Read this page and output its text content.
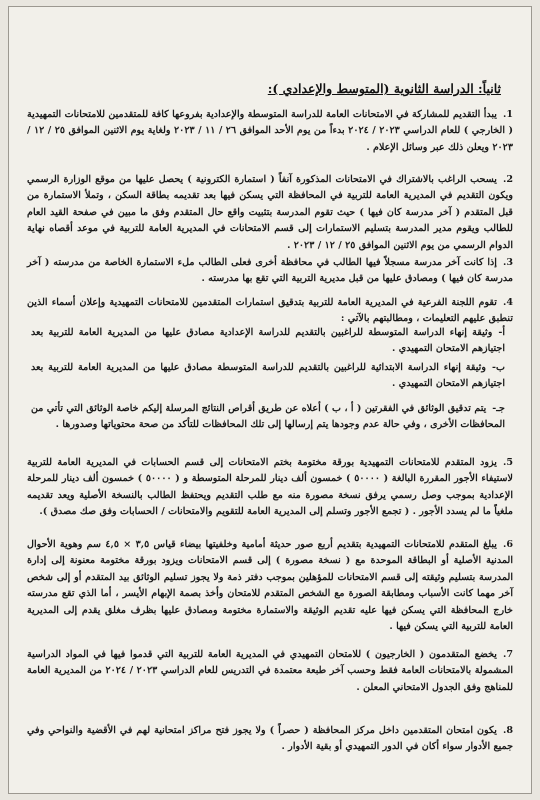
ثانياً: الدراسة الثانوية (المتوسط والإعدادي ):
1.يبدأ التقديم للمشاركة في الامتحانات العامة للدراسة المتوسطة والإعدادية بفروعها كافة للمتقدمين للامتحانات التمهيدية ( الخارجي ) للعام الدراسي ٢٠٢٣ / ٢٠٢٤ بدءاً من يوم الأحد الموافق ٢٦ / ١١ / ٢٠٢٣ ولغاية يوم الاثنين الموافق ٢٥ / ١٢ / ٢٠٢٣ ويعلن ذلك عبر وسائل الإعلام .
2.يسحب الراغب بالاشتراك في الامتحانات المذكورة آنفاً ( استمارة الكترونية ) يحصل عليها من موقع الوزارة الرسمي ويكون التقديم في المديرية العامة للتربية في المحافظة التي يسكن فيها بعد تقديمه بطاقة السكن ، وتملأ الاستمارة من قبل المتقدم ( آخر مدرسة كان فيها ) حيث تقوم المدرسة بتثبيت واقع حال المتقدم وفق ما مبين في صفحة القيد العام للطالب ويقوم مدير المدرسة بتسليم الاستمارات إلى قسم الامتحانات في المديرية العامة للتربية في موعد أقصاه نهاية الدوام الرسمي من يوم الاثنين الموافق ٢٥ / ١٢ / ٢٠٢٣ .
3.إذا كانت آخر مدرسة مسجلاً فيها الطالب في محافظة أخرى فعلى الطالب ملء الاستمارة الخاصة من مدرسته ( آخر مدرسة كان فيها ) ومصادق عليها من قبل مديرية التربية التي تقع بها مدرسته .
4.تقوم اللجنة الفرعية في المديرية العامة للتربية بتدقيق استمارات المتقدمين للامتحانات التمهيدية وإعلان أسماء الذين تنطبق عليهم التعليمات ، ومطالبتهم بالآتي :
أ-وثيقة إنهاء الدراسة المتوسطة للراغبين بالتقديم للدراسة الإعدادية مصادق عليها من المديرية العامة للتربية بعد اجتيازهم الامتحان التمهيدي .
ب-وثيقة إنهاء الدراسة الابتدائية للراغبين بالتقديم للدراسة المتوسطة مصادق عليها من المديرية العامة للتربية بعد اجتيازهم الامتحان التمهيدي .
جـ-يتم تدقيق الوثائق في الفقرتين ( أ ، ب ) أعلاه عن طريق أقراص النتائج المرسلة إليكم خاصة الوثائق التي تأتي من المحافظات الأخرى ، وفي حالة عدم وجودها يتم إرسالها إلى تلك المحافظات للتأكد من صحة محتوياتها وصدورها .
5.يزود المتقدم للامتحانات التمهيدية بورقة مختومة بختم الامتحانات إلى قسم الحسابات في المديرية العامة للتربية لاستيفاء الأجور المقررة البالغة ( ٥٠٠٠٠ ) خمسون ألف دينار للمرحلة المتوسطة و ( ٥٠٠٠٠ ) خمسون ألف دينار للمرحلة الإعدادية بموجب وصل رسمي يرفق نسخة مصورة منه مع طلب التقديم ويحتفظ الطالب بالنسخة الأصلية ويعد تقديمه ملغياً ما لم يسدد الأجور . ( تجمع الأجور وتسلم إلى المديرية العامة للتقويم والامتحانات / الحسابات وفق صك مصدق ).
6.يبلغ المتقدم للامتحانات التمهيدية بتقديم أربع صور حديثة أمامية وخلفيتها بيضاء قياس ٣,٥ × ٤,٥ سم وهوية الأحوال المدنية الأصلية أو البطاقة الموحدة مع ( نسخة مصورة ) إلى قسم الامتحانات ويزود بورقة مختومة معنونة إلى إدارة المدرسة بتسليم وثيقته إلى قسم الامتحانات للمؤهلين بموجب دفتر ذمة ولا يجوز تسليم الوثائق بيد المتقدم أو إلى شخص آخر مهما كانت الأسباب ومطابقة الصورة مع الشخص المتقدم للامتحان وأخذ بصمة الإبهام الأيسر ، أما الذي تقع مدرسته خارج المحافظة التي يسكن فيها عليه تقديم الوثيقة والاستمارة مختومة ومصادق عليها بظرف مغلق يقدم إلى المديرية العامة للتربية التي يسكن فيها .
7.يخضع المتقدمون ( الخارجيون ) للامتحان التمهيدي في المديرية العامة للتربية التي قدموا فيها في المواد الدراسية المشمولة بالامتحانات العامة فقط وحسب آخر طبعة معتمدة في التدريس للعام الدراسي ٢٠٢٣ / ٢٠٢٤ من المديرية العامة للمناهج وفق الجدول الامتحاني المعلن .
8.يكون امتحان المتقدمين داخل مركز المحافظة ( حصراً ) ولا يجوز فتح مراكز امتحانية لهم في الأقضية والنواحي وفي جميع الأدوار سواء أكان في الدور التمهيدي أو بقية الأدوار .
